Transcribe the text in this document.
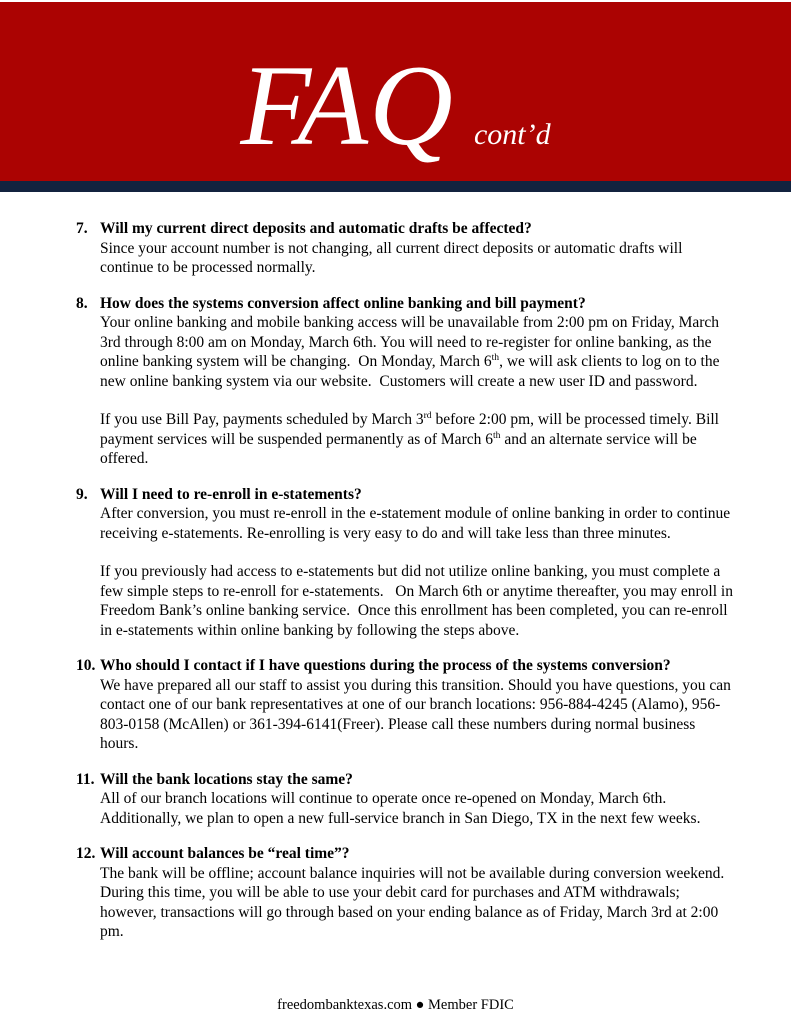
FAQ cont’d
7. Will my current direct deposits and automatic drafts be affected?

Since your account number is not changing, all current direct deposits or automatic drafts will continue to be processed normally.

8. How does the systems conversion affect online banking and bill payment?

Your online banking and mobile banking access will be unavailable from 2:00 pm on Friday, March 3rd through 8:00 am on Monday, March 6th. You will need to re-register for online banking, as the online banking system will be changing.  On Monday, March 6th, we will ask clients to log on to the new online banking system via our website.  Customers will create a new user ID and password.

If you use Bill Pay, payments scheduled by March 3rd before 2:00 pm, will be processed timely. Bill payment services will be suspended permanently as of March 6th and an alternate service will be offered.

9. Will I need to re-enroll in e-statements?

After conversion, you must re-enroll in the e-statement module of online banking in order to continue receiving e-statements. Re-enrolling is very easy to do and will take less than three minutes.

If you previously had access to e-statements but did not utilize online banking, you must complete a few simple steps to re-enroll for e-statements.   On March 6th or anytime thereafter, you may enroll in Freedom Bank’s online banking service.  Once this enrollment has been completed, you can re-enroll in e-statements within online banking by following the steps above.

10. Who should I contact if I have questions during the process of the systems conversion?

We have prepared all our staff to assist you during this transition. Should you have questions, you can contact one of our bank representatives at one of our branch locations: 956-884-4245 (Alamo), 956-803-0158 (McAllen) or 361-394-6141(Freer). Please call these numbers during normal business hours.

11. Will the bank locations stay the same?

All of our branch locations will continue to operate once re-opened on Monday, March 6th. Additionally, we plan to open a new full-service branch in San Diego, TX in the next few weeks.

12. Will account balances be “real time”?

The bank will be offline; account balance inquiries will not be available during conversion weekend. During this time, you will be able to use your debit card for purchases and ATM withdrawals; however, transactions will go through based on your ending balance as of Friday, March 3rd at 2:00 pm.

freedombanktexas.com ● Member FDIC
